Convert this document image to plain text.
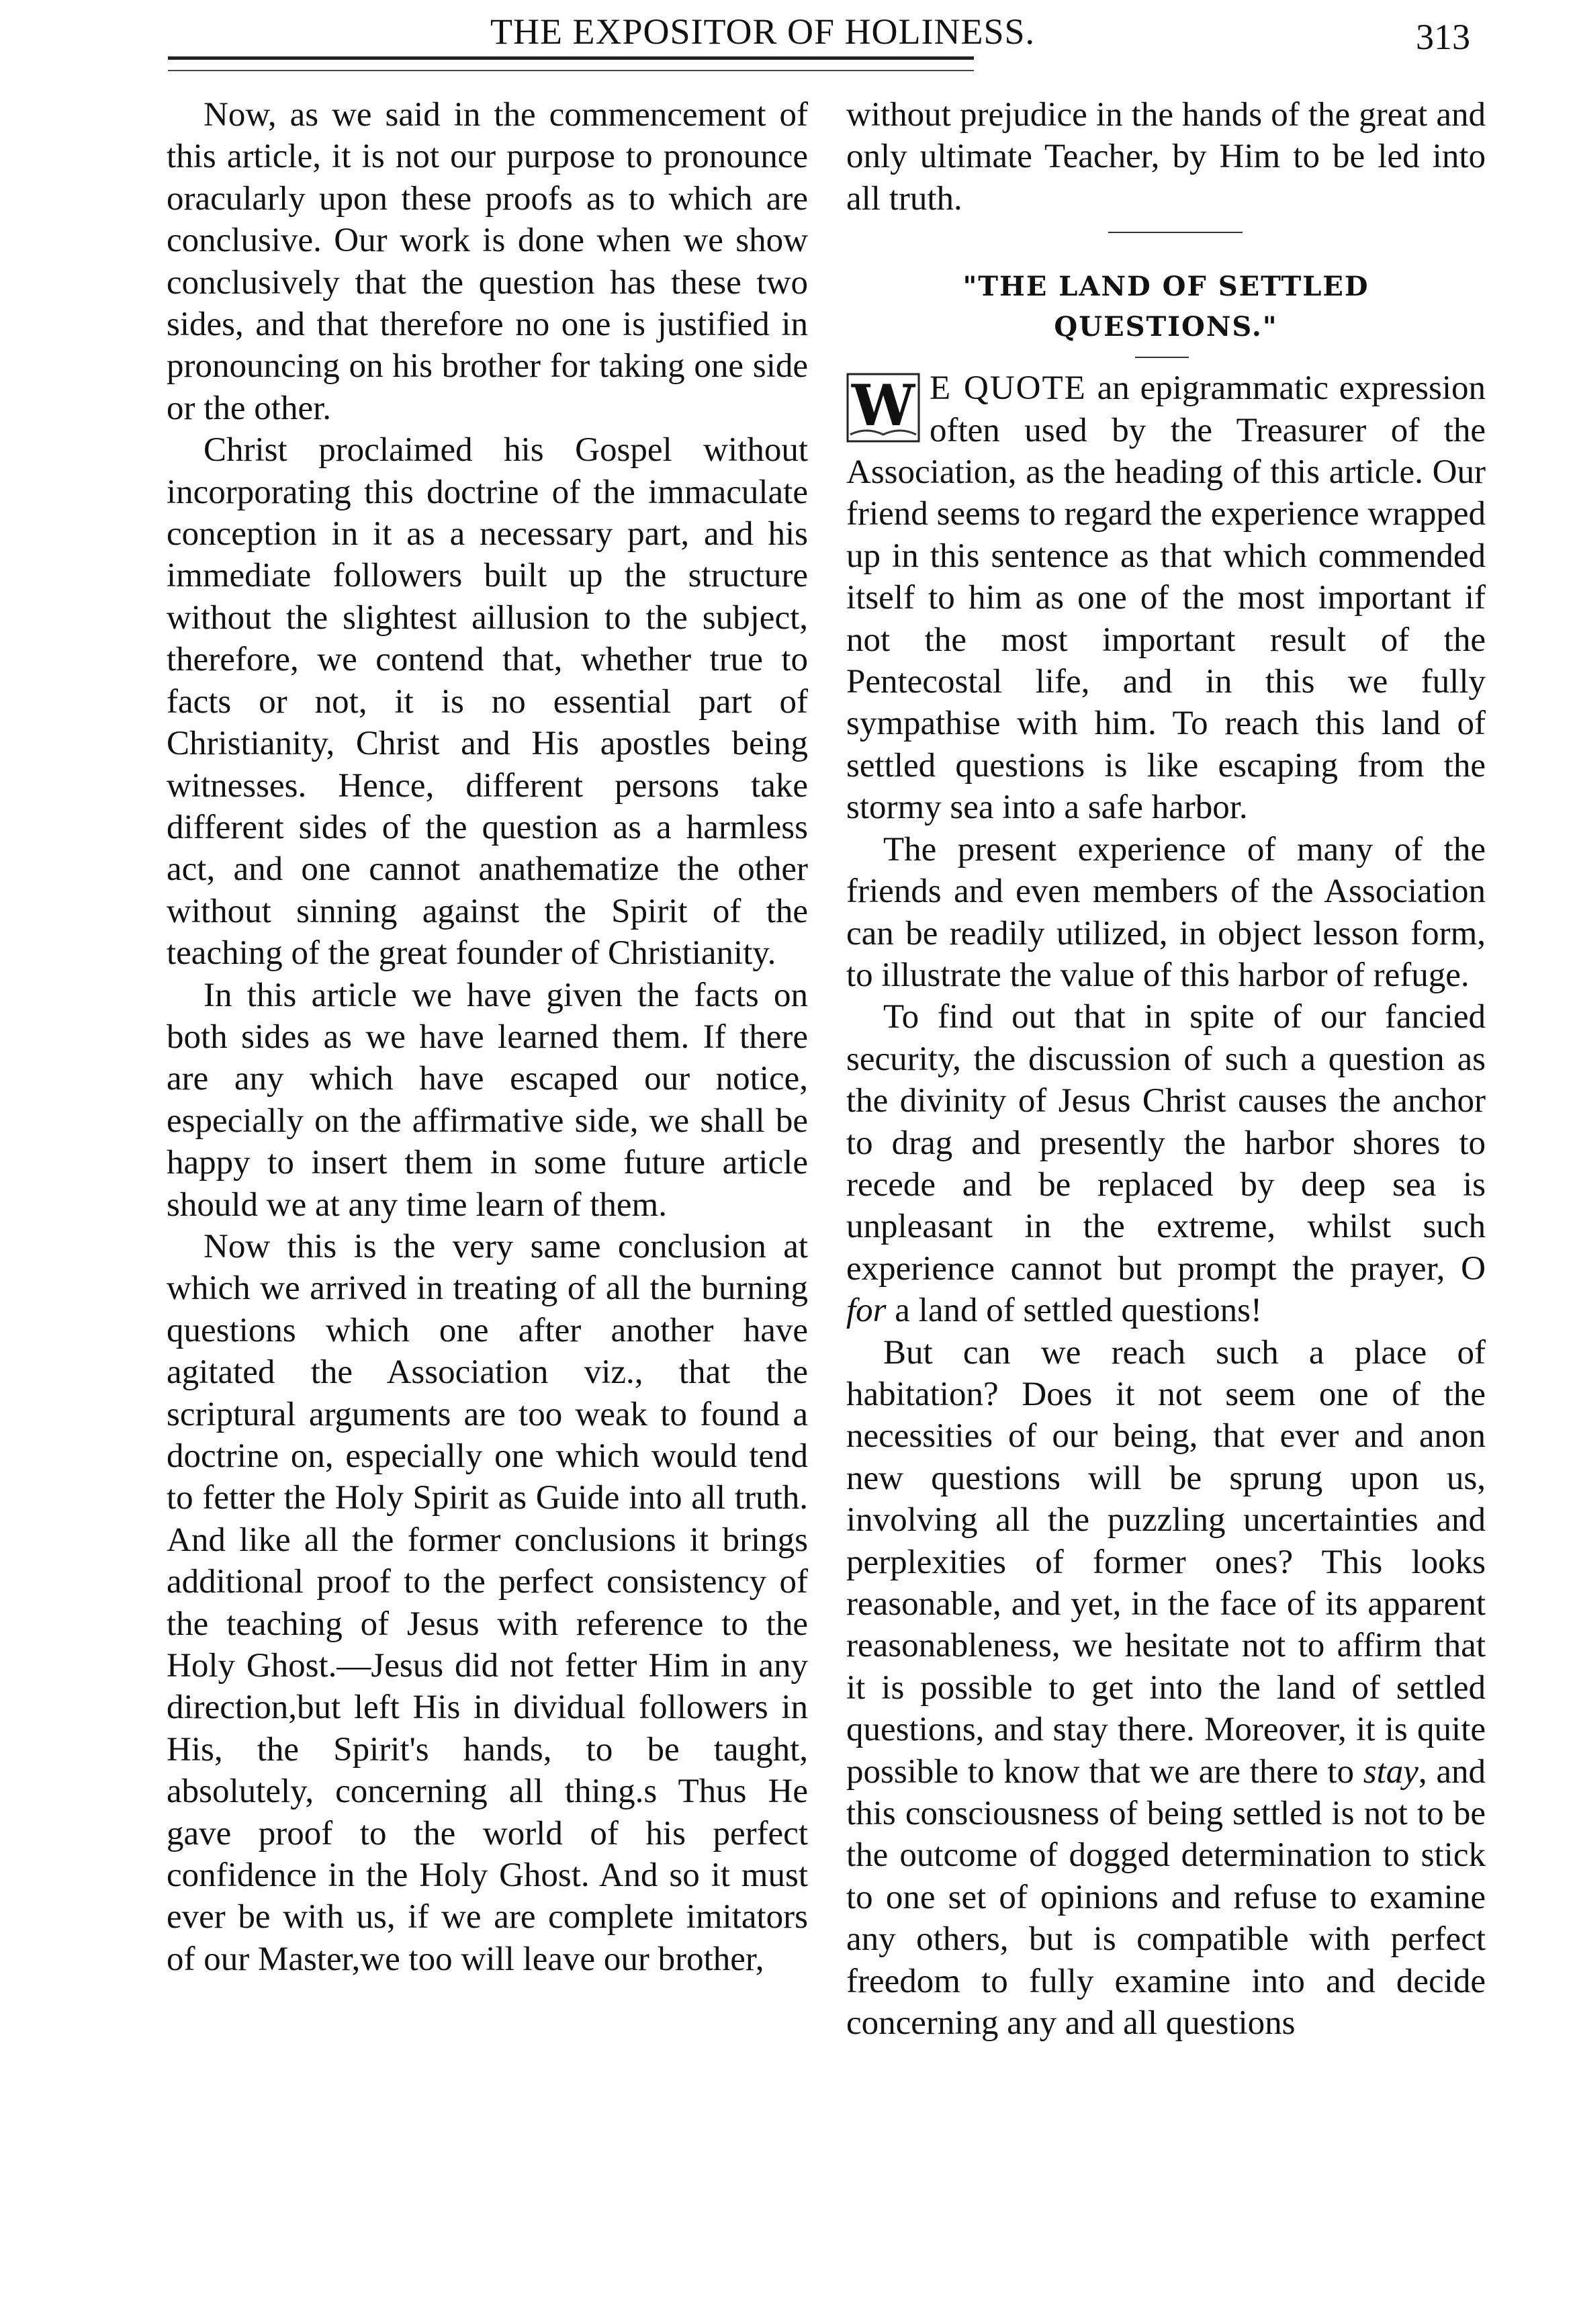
THE EXPOSITOR OF HOLINESS.	313

Now, as we said in the commencement of this article, it is not our purpose to pronounce oracularly upon these proofs as to which are conclusive. Our work is done when we show conclusively that the question has these two sides, and that therefore no one is justified in pronouncing on his brother for taking one side or the other.

Christ proclaimed his Gospel without incorporating this doctrine of the immaculate conception in it as a necessary part, and his immediate followers built up the structure without the slightest aillusion to the subject, therefore, we contend that, whether true to facts or not, it is no essential part of Christianity, Christ and His apostles being witnesses. Hence, different persons take different sides of the question as a harmless act, and one cannot anathematize the other without sinning against the Spirit of the teaching of the great founder of Christianity.

In this article we have given the facts on both sides as we have learned them. If there are any which have escaped our notice, especially on the affirmative side, we shall be happy to insert them in some future article should we at any time learn of them.

Now this is the very same conclusion at which we arrived in treating of all the burning questions which one after another have agitated the Association viz., that the scriptural arguments are too weak to found a doctrine on, especially one which would tend to fetter the Holy Spirit as Guide into all truth. And like all the former conclusions it brings additional proof to the perfect consistency of the teaching of Jesus with reference to the Holy Ghost.—Jesus did not fetter Him in any direction,but left His in dividual followers in His, the Spirit's hands, to be taught, absolutely, concerning all thing.s Thus He gave proof to the world of his perfect confidence in the Holy Ghost. And so it must ever be with us, if we are complete imitators of our Master,we too will leave our brother,

without prejudice in the hands of the great and only ultimate Teacher, by Him to be led into all truth.

"THE LAND OF SETTLED QUESTIONS."

W E QUOTE an epigrammatic expression often used by the Treasurer of the Association, as the heading of this article. Our friend seems to regard the experience wrapped up in this sentence as that which commended itself to him as one of the most important if not the most important result of the Pentecostal life, and in this we fully sympathise with him. To reach this land of settled questions is like escaping from the stormy sea into a safe harbor.

The present experience of many of the friends and even members of the Association can be readily utilized, in object lesson form, to illustrate the value of this harbor of refuge.

To find out that in spite of our fancied security, the discussion of such a question as the divinity of Jesus Christ causes the anchor to drag and presently the harbor shores to recede and be replaced by deep sea is unpleasant in the extreme, whilst such experience cannot but prompt the prayer, O for a land of settled questions!

But can we reach such a place of habitation? Does it not seem one of the necessities of our being, that ever and anon new questions will be sprung upon us, involving all the puzzling uncertainties and perplexities of former ones? This looks reasonable, and yet, in the face of its apparent reasonableness, we hesitate not to affirm that it is possible to get into the land of settled questions, and stay there. Moreover, it is quite possible to know that we are there to stay, and this consciousness of being settled is not to be the outcome of dogged determination to stick to one set of opinions and refuse to examine any others, but is compatible with perfect freedom to fully examine into and decide concerning any and all questions
